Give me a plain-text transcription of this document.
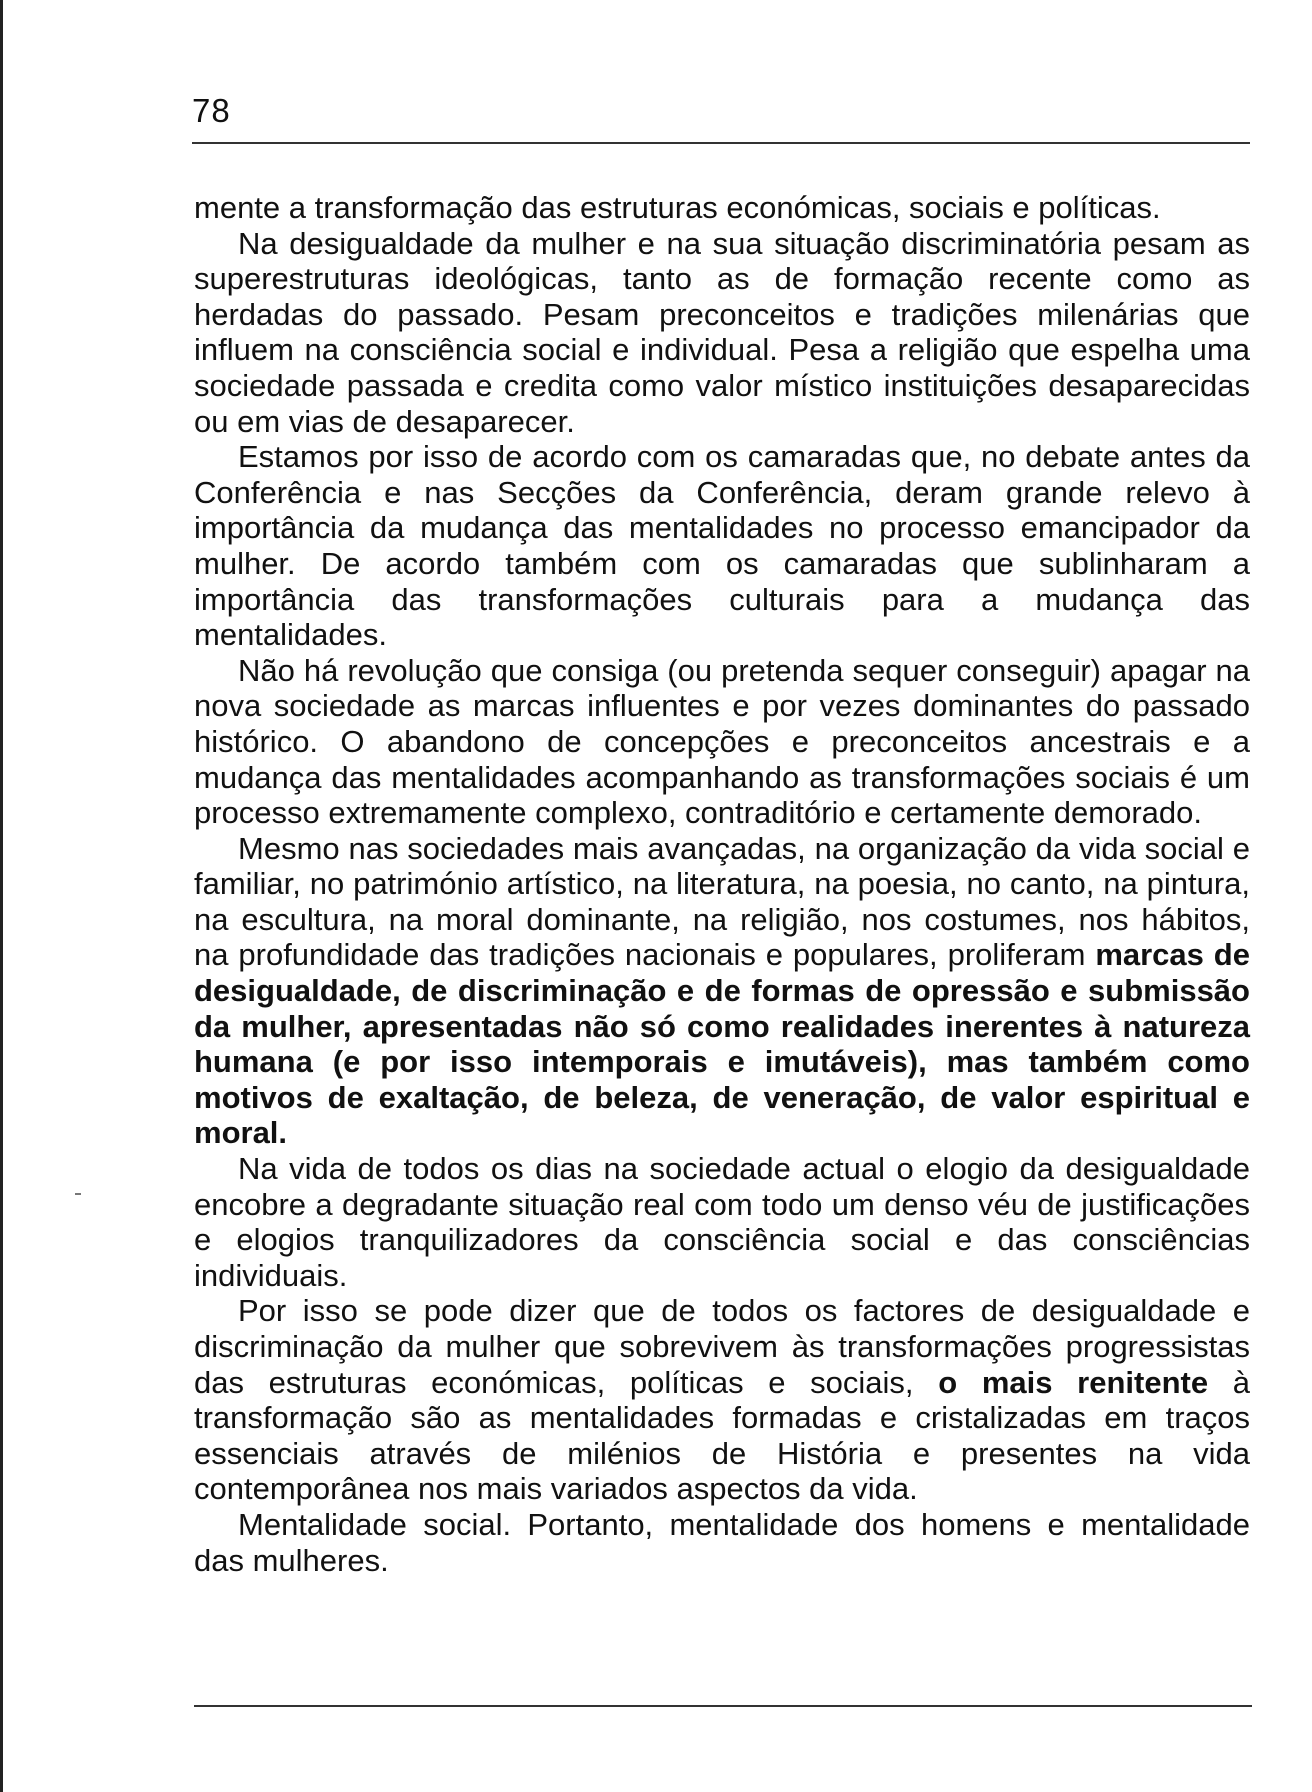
78

mente a transformação das estruturas económicas, sociais e políticas.

Na desigualdade da mulher e na sua situação discriminatória pesam as superestruturas ideológicas, tanto as de formação recente como as herdadas do passado. Pesam preconceitos e tradições milenárias que influem na consciência social e individual. Pesa a religião que espelha uma sociedade passada e credita como valor místico instituições desaparecidas ou em vias de desaparecer.

Estamos por isso de acordo com os camaradas que, no debate antes da Conferência e nas Secções da Conferência, deram grande relevo à importância da mudança das mentalidades no processo emancipador da mulher. De acordo também com os camaradas que sublinharam a importância das transformações culturais para a mudança das mentalidades.

Não há revolução que consiga (ou pretenda sequer conseguir) apagar na nova sociedade as marcas influentes e por vezes dominantes do passado histórico. O abandono de concepções e preconceitos ancestrais e a mudança das mentalidades acompanhando as transformações sociais é um processo extremamente complexo, contraditório e certamente demorado.

Mesmo nas sociedades mais avançadas, na organização da vida social e familiar, no património artístico, na literatura, na poesia, no canto, na pintura, na escultura, na moral dominante, na religião, nos costumes, nos hábitos, na profundidade das tradições nacionais e populares, proliferam marcas de desigualdade, de discriminação e de formas de opressão e submissão da mulher, apresentadas não só como realidades inerentes à natureza humana (e por isso intemporais e imutáveis), mas também como motivos de exaltação, de beleza, de veneração, de valor espiritual e moral.

Na vida de todos os dias na sociedade actual o elogio da desigualdade encobre a degradante situação real com todo um denso véu de justificações e elogios tranquilizadores da consciência social e das consciências individuais.

Por isso se pode dizer que de todos os factores de desigualdade e discriminação da mulher que sobrevivem às transformações progressistas das estruturas económicas, políticas e sociais, o mais renitente à transformação são as mentalidades formadas e cristalizadas em traços essenciais através de milénios de História e presentes na vida contemporânea nos mais variados aspectos da vida.

Mentalidade social. Portanto, mentalidade dos homens e mentalidade das mulheres.
